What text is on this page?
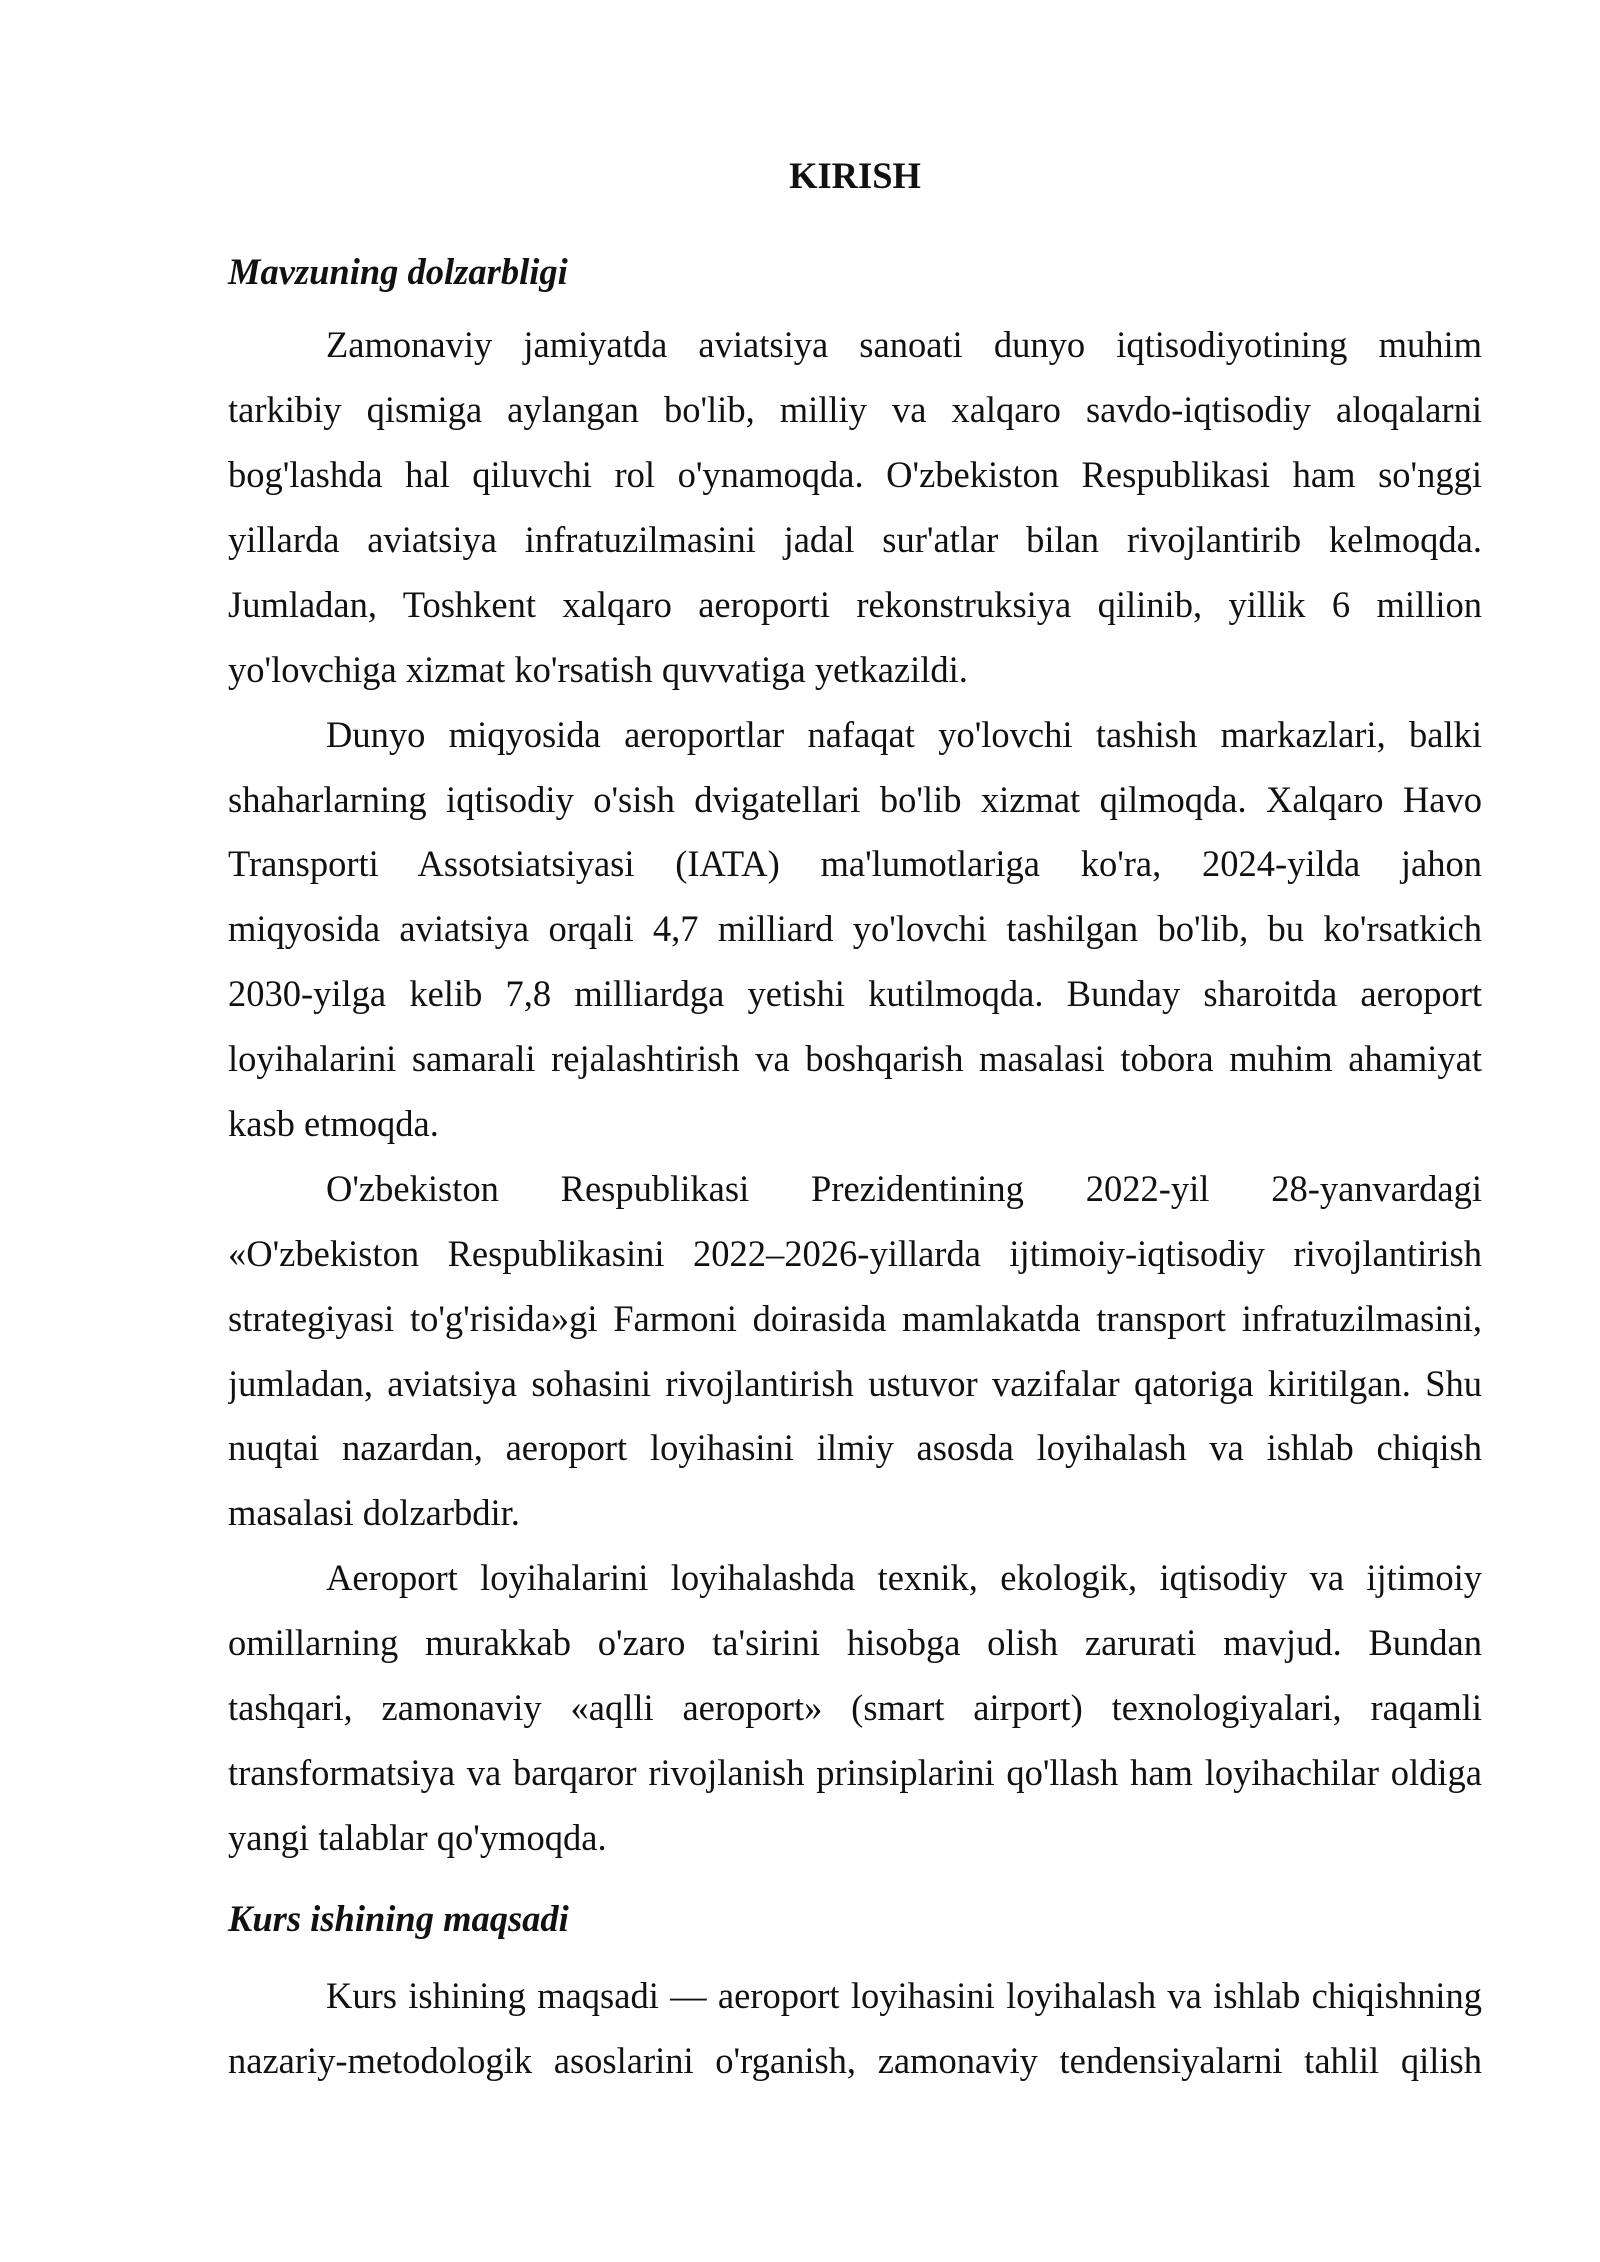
KIRISH
Mavzuning dolzarbligi
Zamonaviy jamiyatda aviatsiya sanoati dunyo iqtisodiyotining muhim
tarkibiy qismiga aylangan bo'lib, milliy va xalqaro savdo-iqtisodiy aloqalarni
bog'lashda hal qiluvchi rol o'ynamoqda. O'zbekiston Respublikasi ham so'nggi
yillarda aviatsiya infratuzilmasini jadal sur'atlar bilan rivojlantirib kelmoqda.
Jumladan, Toshkent xalqaro aeroporti rekonstruksiya qilinib, yillik 6 million
yo'lovchiga xizmat ko'rsatish quvvatiga yetkazildi.
Dunyo miqyosida aeroportlar nafaqat yo'lovchi tashish markazlari, balki
shaharlarning iqtisodiy o'sish dvigatellari bo'lib xizmat qilmoqda. Xalqaro Havo
Transporti Assotsiatsiyasi (IATA) ma'lumotlariga ko'ra, 2024-yilda jahon
miqyosida aviatsiya orqali 4,7 milliard yo'lovchi tashilgan bo'lib, bu ko'rsatkich
2030-yilga kelib 7,8 milliardga yetishi kutilmoqda. Bunday sharoitda aeroport
loyihalarini samarali rejalashtirish va boshqarish masalasi tobora muhim ahamiyat
kasb etmoqda.
O'zbekiston Respublikasi Prezidentining 2022-yil 28-yanvardagi
«O'zbekiston Respublikasini 2022–2026-yillarda ijtimoiy-iqtisodiy rivojlantirish
strategiyasi to'g'risida»gi Farmoni doirasida mamlakatda transport infratuzilmasini,
jumladan, aviatsiya sohasini rivojlantirish ustuvor vazifalar qatoriga kiritilgan. Shu
nuqtai nazardan, aeroport loyihasini ilmiy asosda loyihalash va ishlab chiqish
masalasi dolzarbdir.
Aeroport loyihalarini loyihalashda texnik, ekologik, iqtisodiy va ijtimoiy
omillarning murakkab o'zaro ta'sirini hisobga olish zarurati mavjud. Bundan
tashqari, zamonaviy «aqlli aeroport» (smart airport) texnologiyalari, raqamli
transformatsiya va barqaror rivojlanish prinsiplarini qo'llash ham loyihachilar oldiga
yangi talablar qo'ymoqda.
Kurs ishining maqsadi
Kurs ishining maqsadi — aeroport loyihasini loyihalash va ishlab chiqishning
nazariy-metodologik asoslarini o'rganish, zamonaviy tendensiyalarni tahlil qilish
